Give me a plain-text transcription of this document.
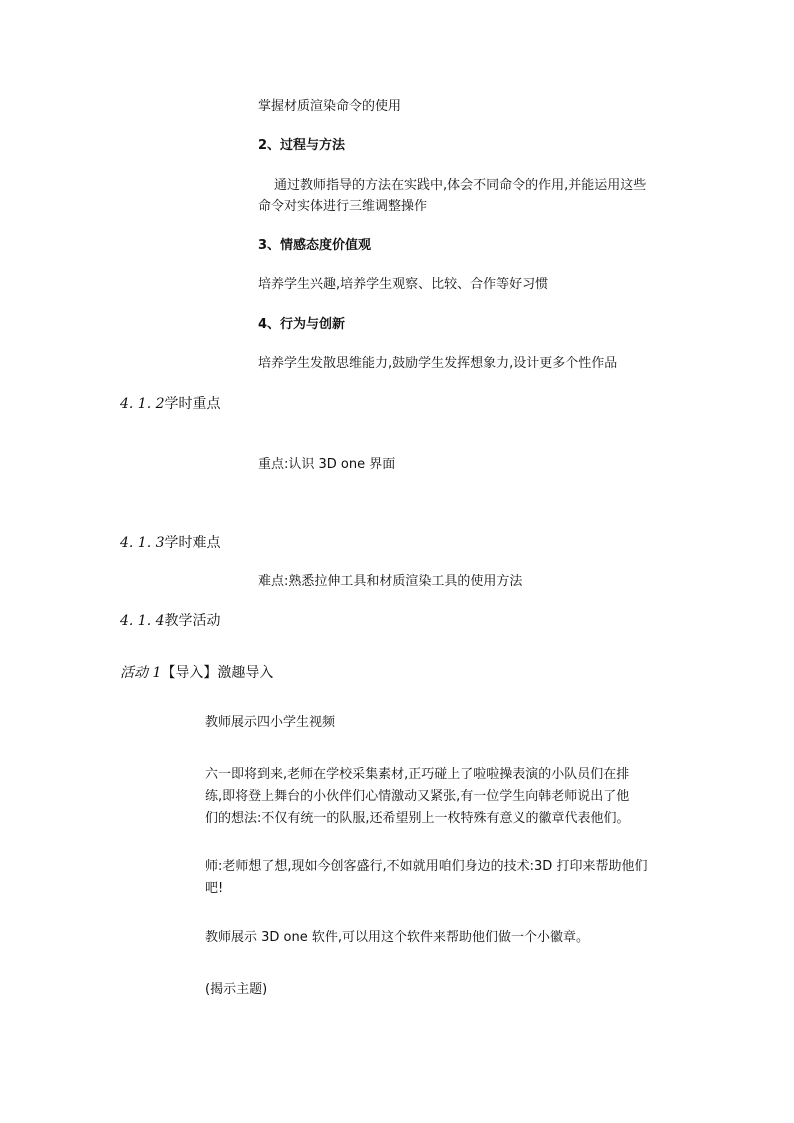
掌握材质渲染命令的使用
2、过程与方法
通过教师指导的方法在实践中,体会不同命令的作用,并能运用这些
命令对实体进行三维调整操作
3、情感态度价值观
培养学生兴趣,培养学生观察、比较、合作等好习惯
4、行为与创新
培养学生发散思维能力,鼓励学生发挥想象力,设计更多个性作品
4. 1. 2学时重点
重点:认识 3D one 界面
4. 1. 3学时难点
难点:熟悉拉伸工具和材质渲染工具的使用方法
4. 1. 4教学活动
活动 1【导入】激趣导入
教师展示四小学生视频
六一即将到来,老师在学校采集素材,正巧碰上了啦啦操表演的小队员们在排
练,即将登上舞台的小伙伴们心情激动又紧张,有一位学生向韩老师说出了他
们的想法:不仅有统一的队服,还希望别上一枚特殊有意义的徽章代表他们。
师:老师想了想,现如今创客盛行,不如就用咱们身边的技术:3D 打印来帮助他们
吧!
教师展示 3D one 软件,可以用这个软件来帮助他们做一个小徽章。
(揭示主题)
